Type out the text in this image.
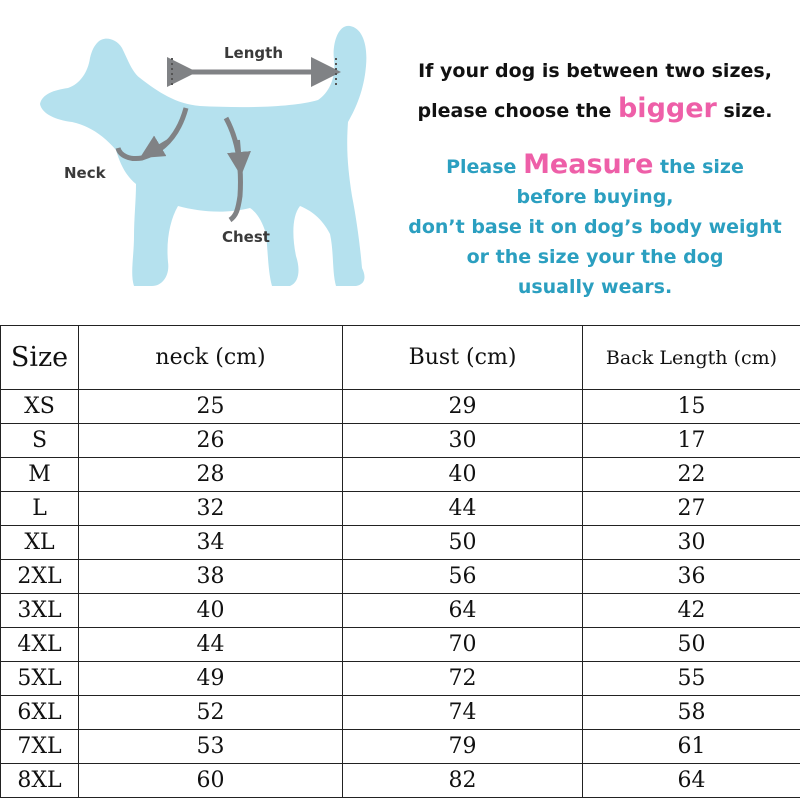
Length
Neck
Chest
If your dog is between two sizes,
please choose the bigger size.
Please Measure the size
before buying,
don’t base it on dog’s body weight
or the size your the dog
usually wears.
Size	neck (cm)	Bust (cm)	Back Length (cm)
XS	25	29	15
S	26	30	17
M	28	40	22
L	32	44	27
XL	34	50	30
2XL	38	56	36
3XL	40	64	42
4XL	44	70	50
5XL	49	72	55
6XL	52	74	58
7XL	53	79	61
8XL	60	82	64
